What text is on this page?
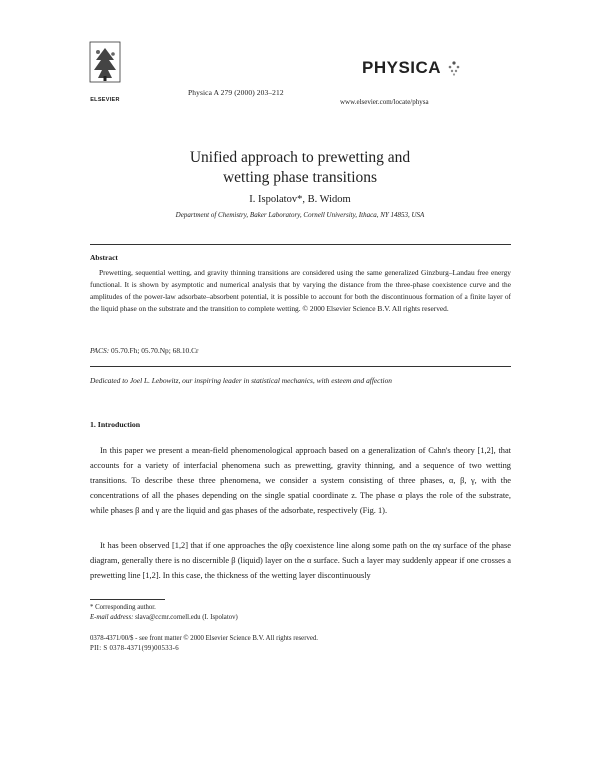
ELSEVIER
Physica A 279 (2000) 203–212
PHYSICA
www.elsevier.com/locate/physa
Unified approach to prewetting and
wetting phase transitions
I. Ispolatov*, B. Widom
Department of Chemistry, Baker Laboratory, Cornell University, Ithaca, NY 14853, USA
Abstract
Prewetting, sequential wetting, and gravity thinning transitions are considered using the same generalized Ginzburg–Landau free energy functional. It is shown by asymptotic and numerical analysis that by varying the distance from the three-phase coexistence curve and the amplitudes of the power-law adsorbate–absorbent potential, it is possible to account for both the discontinuous formation of a finite layer of the liquid phase on the substrate and the transition to complete wetting. © 2000 Elsevier Science B.V. All rights reserved.
PACS: 05.70.Fh; 05.70.Np; 68.10.Cr
Dedicated to Joel L. Lebowitz, our inspiring leader in statistical mechanics, with esteem and affection
1. Introduction

In this paper we present a mean-field phenomenological approach based on a generalization of Cahn's theory [1,2], that accounts for a variety of interfacial phenomena such as prewetting, gravity thinning, and a sequence of two wetting transitions. To describe these three phenomena, we consider a system consisting of three phases, α, β, γ, with the concentrations of all the phases depending on the single spatial coordinate z. The phase α plays the role of the substrate, while phases β and γ are the liquid and gas phases of the adsorbate, respectively (Fig. 1).

It has been observed [1,2] that if one approaches the αβγ coexistence line along some path on the αγ surface of the phase diagram, generally there is no discernible β (liquid) layer on the α surface. Such a layer may suddenly appear if one crosses a prewetting line [1,2]. In this case, the thickness of the wetting layer discontinuously

* Corresponding author.
E-mail address: slava@ccmr.cornell.edu (I. Ispolatov)
0378-4371/00/$ - see front matter © 2000 Elsevier Science B.V. All rights reserved.
PII: S 0378-4371(99)00533-6
